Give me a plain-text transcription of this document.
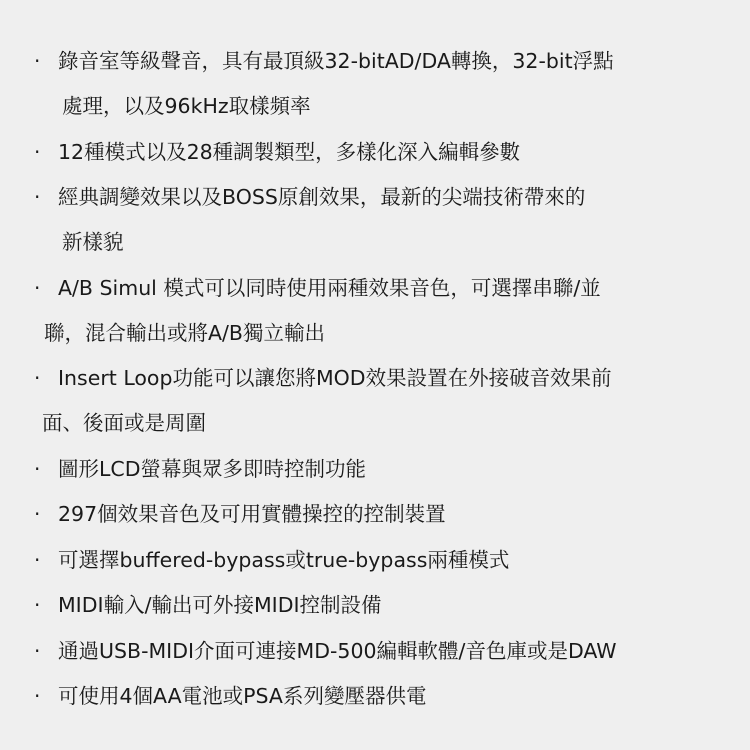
· 錄音室等級聲音，具有最頂級32-bitAD/DA轉換，32-bit浮點
處理，以及96kHz取樣頻率
· 12種模式以及28種調製類型，多樣化深入編輯參數
· 經典調變效果以及BOSS原創效果，最新的尖端技術帶來的
新樣貌
· A/B Simul 模式可以同時使用兩種效果音色，可選擇串聯/並
聯，混合輸出或將A/B獨立輸出
· Insert Loop功能可以讓您將MOD效果設置在外接破音效果前
面、後面或是周圍
· 圖形LCD螢幕與眾多即時控制功能
· 297個效果音色及可用實體操控的控制裝置
· 可選擇buffered-bypass或true-bypass兩種模式
· MIDI輸入/輸出可外接MIDI控制設備
· 通過USB-MIDI介面可連接MD-500編輯軟體/音色庫或是DAW
· 可使用4個AA電池或PSA系列變壓器供電
